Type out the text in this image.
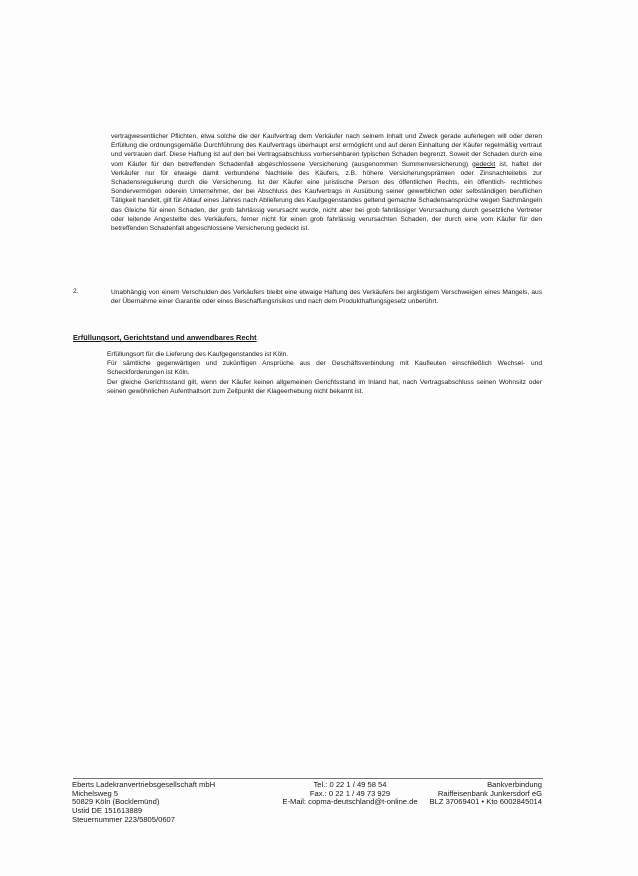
vertragwesentlicher Pflichten, etwa solche die der Kaufvertrag dem Verkäufer nach seinem Inhalt und Zweck gerade auferlegen will oder deren Erfüllung die ordnungsgemäße Durchführung des Kaufvertrags überhaupt erst ermöglicht und auf deren Einhaltung der Käufer regelmäßig vertraut und vertrauen darf. Diese Haftung ist auf den bei Vertragsabschluss vorhersehbaren typischen Schaden begrenzt. Soweit der Schaden durch eine vom Käufer für den betreffenden Schadenfall abgeschlossene Versicherung (ausgenommen Summenversicherung) gedeckt ist, haftet der Verkäufer nur für etwaige damit verbundene Nachteile des Käufers, z.B. höhere Versicherungsprämien oder Zinsnachteilebis zur Schadensregulierung durch die Versicherung. Ist der Käufer eine juristische Person des öffentlichen Rechts, ein öffentlich- rechtliches Sondervermögen oderein Unternehmer, der bei Abschluss des Kaufvertrags in Ausübung seiner gewerblichen oder selbständigen beruflichen Tätigkeit handelt, gilt für Ablauf eines Jahres nach Ablieferung des Kaufgegenstandes geltend gemachte Schadensansprüche wegen Sachmängeln das Gleiche für einen Schaden, der grob fahrlässig verursacht wurde, nicht aber bei grob fahrlässiger Verursachung durch gesetzliche Vertreter oder leitende Angestellte des Verkäufers, ferner nicht für einen grob fahrlässig verursachten Schaden, der durch eine vom Käufer für den betreffenden Schadenfall abgeschlossene Versicherung gedeckt ist.

2.	Unabhängig von einem Verschulden des Verkäufers bleibt eine etwaige Haftung des Verkäufers bei arglistigem Verschweigen eines Mangels, aus der Übernahme einer Garantie oder eines Beschaffungsrisikos und nach dem Produkthaftungsgesetz unberührt.

Erfüllungsort, Gerichtstand und anwendbares Recht
Erfüllungsort für die Lieferung des Kaufgegenstandes ist Köln.
Für sämtliche gegenwärtigen und zukünftigen Ansprüche aus der Geschäftsverbindung mit Kaufleuten einschließlich Wechsel- und Scheckforderungen ist Köln.
Der gleiche Gerichtsstand gilt, wenn der Käufer keinen allgemeinen Gerichtsstand im Inland hat, nach Vertragsabschluss seinen Wohnsitz oder seinen gewöhnlichen Aufenthaltsort zum Zeitpunkt der Klageerhebung nicht bekannt ist.
Eberts Ladekranvertriebsgesellschaft mbH
Michelsweg 5
50829 Köln (Bocklemünd)
Ustid DE 151613889
Steuernummer 223/5805/0607
Tel.: 0 22 1 / 49 58 54
Fax.: 0 22 1 / 49 73 929
E-Mail: copma-deutschland@t-online.de
Bankverbindung
Raiffeisenbank Junkersdorf eG
BLZ 37069401 • Kto 6002845014
